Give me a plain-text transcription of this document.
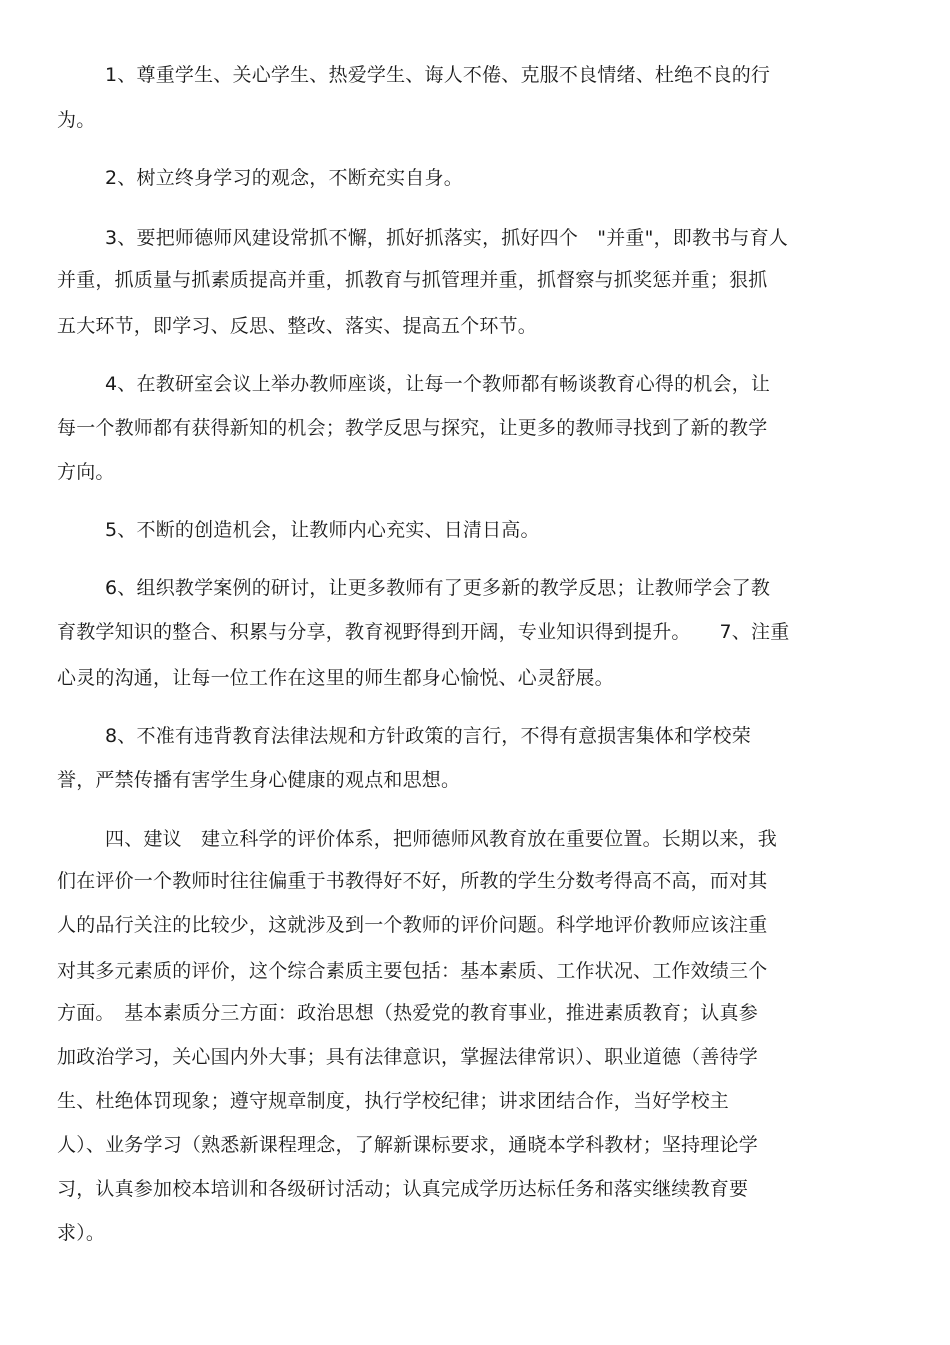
1、尊重学生、关心学生、热爱学生、诲人不倦、克服不良情绪、杜绝不良的行
为。
2、树立终身学习的观念，不断充实自身。
3、要把师德师风建设常抓不懈，抓好抓落实，抓好四个　"并重"，即教书与育人
并重，抓质量与抓素质提高并重，抓教育与抓管理并重，抓督察与抓奖惩并重；狠抓
五大环节，即学习、反思、整改、落实、提高五个环节。
4、在教研室会议上举办教师座谈，让每一个教师都有畅谈教育心得的机会，让
每一个教师都有获得新知的机会；教学反思与探究，让更多的教师寻找到了新的教学
方向。
5、不断的创造机会，让教师内心充实、日清日高。
6、组织教学案例的研讨，让更多教师有了更多新的教学反思；让教师学会了教
育教学知识的整合、积累与分享，教育视野得到开阔，专业知识得到提升。　　7、注重
心灵的沟通，让每一位工作在这里的师生都身心愉悦、心灵舒展。
8、不准有违背教育法律法规和方针政策的言行，不得有意损害集体和学校荣
誉，严禁传播有害学生身心健康的观点和思想。
四、建议　建立科学的评价体系，把师德师风教育放在重要位置。长期以来，我
们在评价一个教师时往往偏重于书教得好不好，所教的学生分数考得高不高，而对其
人的品行关注的比较少，这就涉及到一个教师的评价问题。科学地评价教师应该注重
对其多元素质的评价，这个综合素质主要包括：基本素质、工作状况、工作效绩三个
方面。　基本素质分三方面：政治思想（热爱党的教育事业，推进素质教育；认真参
加政治学习，关心国内外大事；具有法律意识，掌握法律常识）、职业道德（善待学
生、杜绝体罚现象；遵守规章制度，执行学校纪律；讲求团结合作，当好学校主
人）、业务学习（熟悉新课程理念，了解新课标要求，通晓本学科教材；坚持理论学
习，认真参加校本培训和各级研讨活动；认真完成学历达标任务和落实继续教育要
求）。
